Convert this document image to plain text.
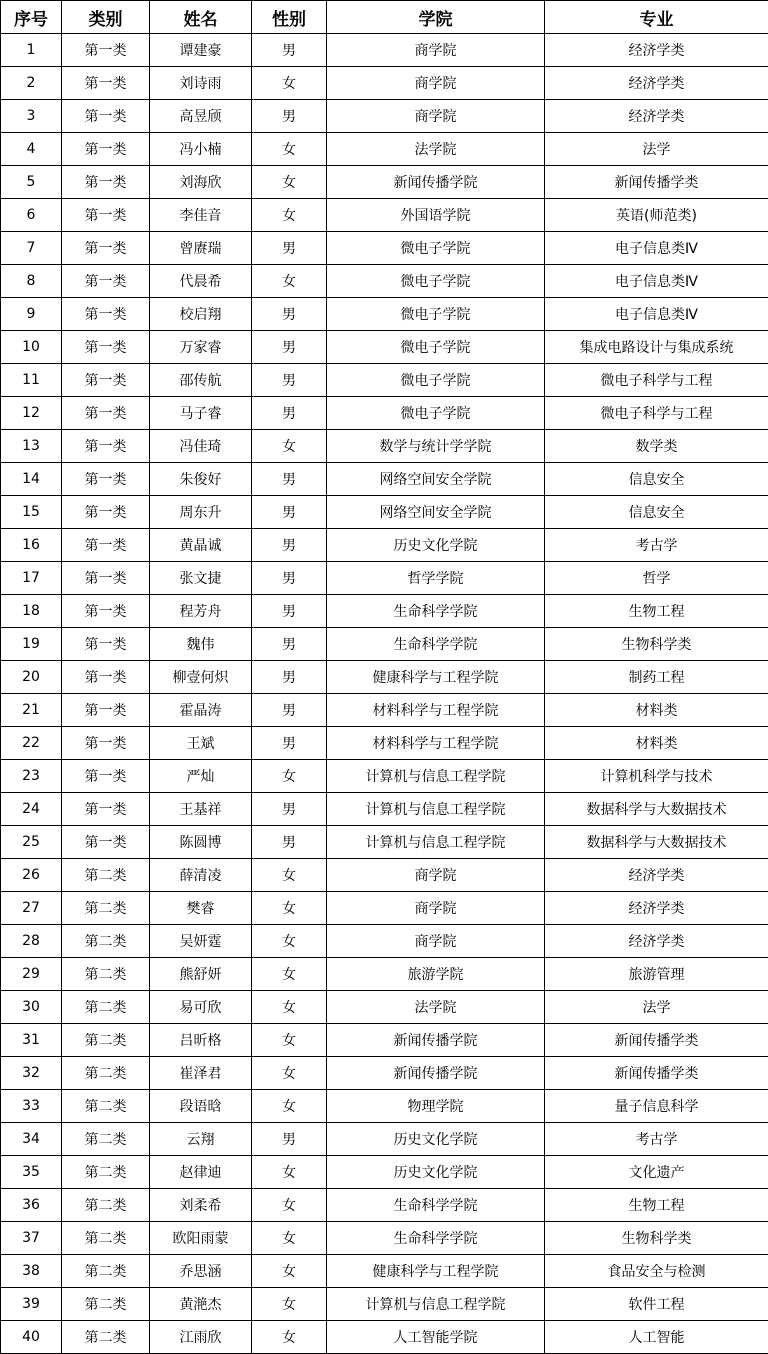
序号	类别	姓名	性别	学院	专业
1	第一类	谭建豪	男	商学院	经济学类
2	第一类	刘诗雨	女	商学院	经济学类
3	第一类	高昱颀	男	商学院	经济学类
4	第一类	冯小楠	女	法学院	法学
5	第一类	刘海欣	女	新闻传播学院	新闻传播学类
6	第一类	李佳音	女	外国语学院	英语(师范类)
7	第一类	曾赓瑞	男	微电子学院	电子信息类Ⅳ
8	第一类	代晨希	女	微电子学院	电子信息类Ⅳ
9	第一类	校启翔	男	微电子学院	电子信息类Ⅳ
10	第一类	万家睿	男	微电子学院	集成电路设计与集成系统
11	第一类	邵传航	男	微电子学院	微电子科学与工程
12	第一类	马子睿	男	微电子学院	微电子科学与工程
13	第一类	冯佳琦	女	数学与统计学学院	数学类
14	第一类	朱俊好	男	网络空间安全学院	信息安全
15	第一类	周东升	男	网络空间安全学院	信息安全
16	第一类	黄晶诚	男	历史文化学院	考古学
17	第一类	张文捷	男	哲学学院	哲学
18	第一类	程芳舟	男	生命科学学院	生物工程
19	第一类	魏伟	男	生命科学学院	生物科学类
20	第一类	柳壹何炽	男	健康科学与工程学院	制药工程
21	第一类	霍晶涛	男	材料科学与工程学院	材料类
22	第一类	王斌	男	材料科学与工程学院	材料类
23	第一类	严灿	女	计算机与信息工程学院	计算机科学与技术
24	第一类	王基祥	男	计算机与信息工程学院	数据科学与大数据技术
25	第一类	陈圆博	男	计算机与信息工程学院	数据科学与大数据技术
26	第二类	薛清凌	女	商学院	经济学类
27	第二类	樊睿	女	商学院	经济学类
28	第二类	吴妍霆	女	商学院	经济学类
29	第二类	熊舒妍	女	旅游学院	旅游管理
30	第二类	易可欣	女	法学院	法学
31	第二类	吕昕格	女	新闻传播学院	新闻传播学类
32	第二类	崔泽君	女	新闻传播学院	新闻传播学类
33	第二类	段语晗	女	物理学院	量子信息科学
34	第二类	云翔	男	历史文化学院	考古学
35	第二类	赵律迪	女	历史文化学院	文化遗产
36	第二类	刘柔希	女	生命科学学院	生物工程
37	第二类	欧阳雨蒙	女	生命科学学院	生物科学类
38	第二类	乔思涵	女	健康科学与工程学院	食品安全与检测
39	第二类	黄滟杰	女	计算机与信息工程学院	软件工程
40	第二类	江雨欣	女	人工智能学院	人工智能
